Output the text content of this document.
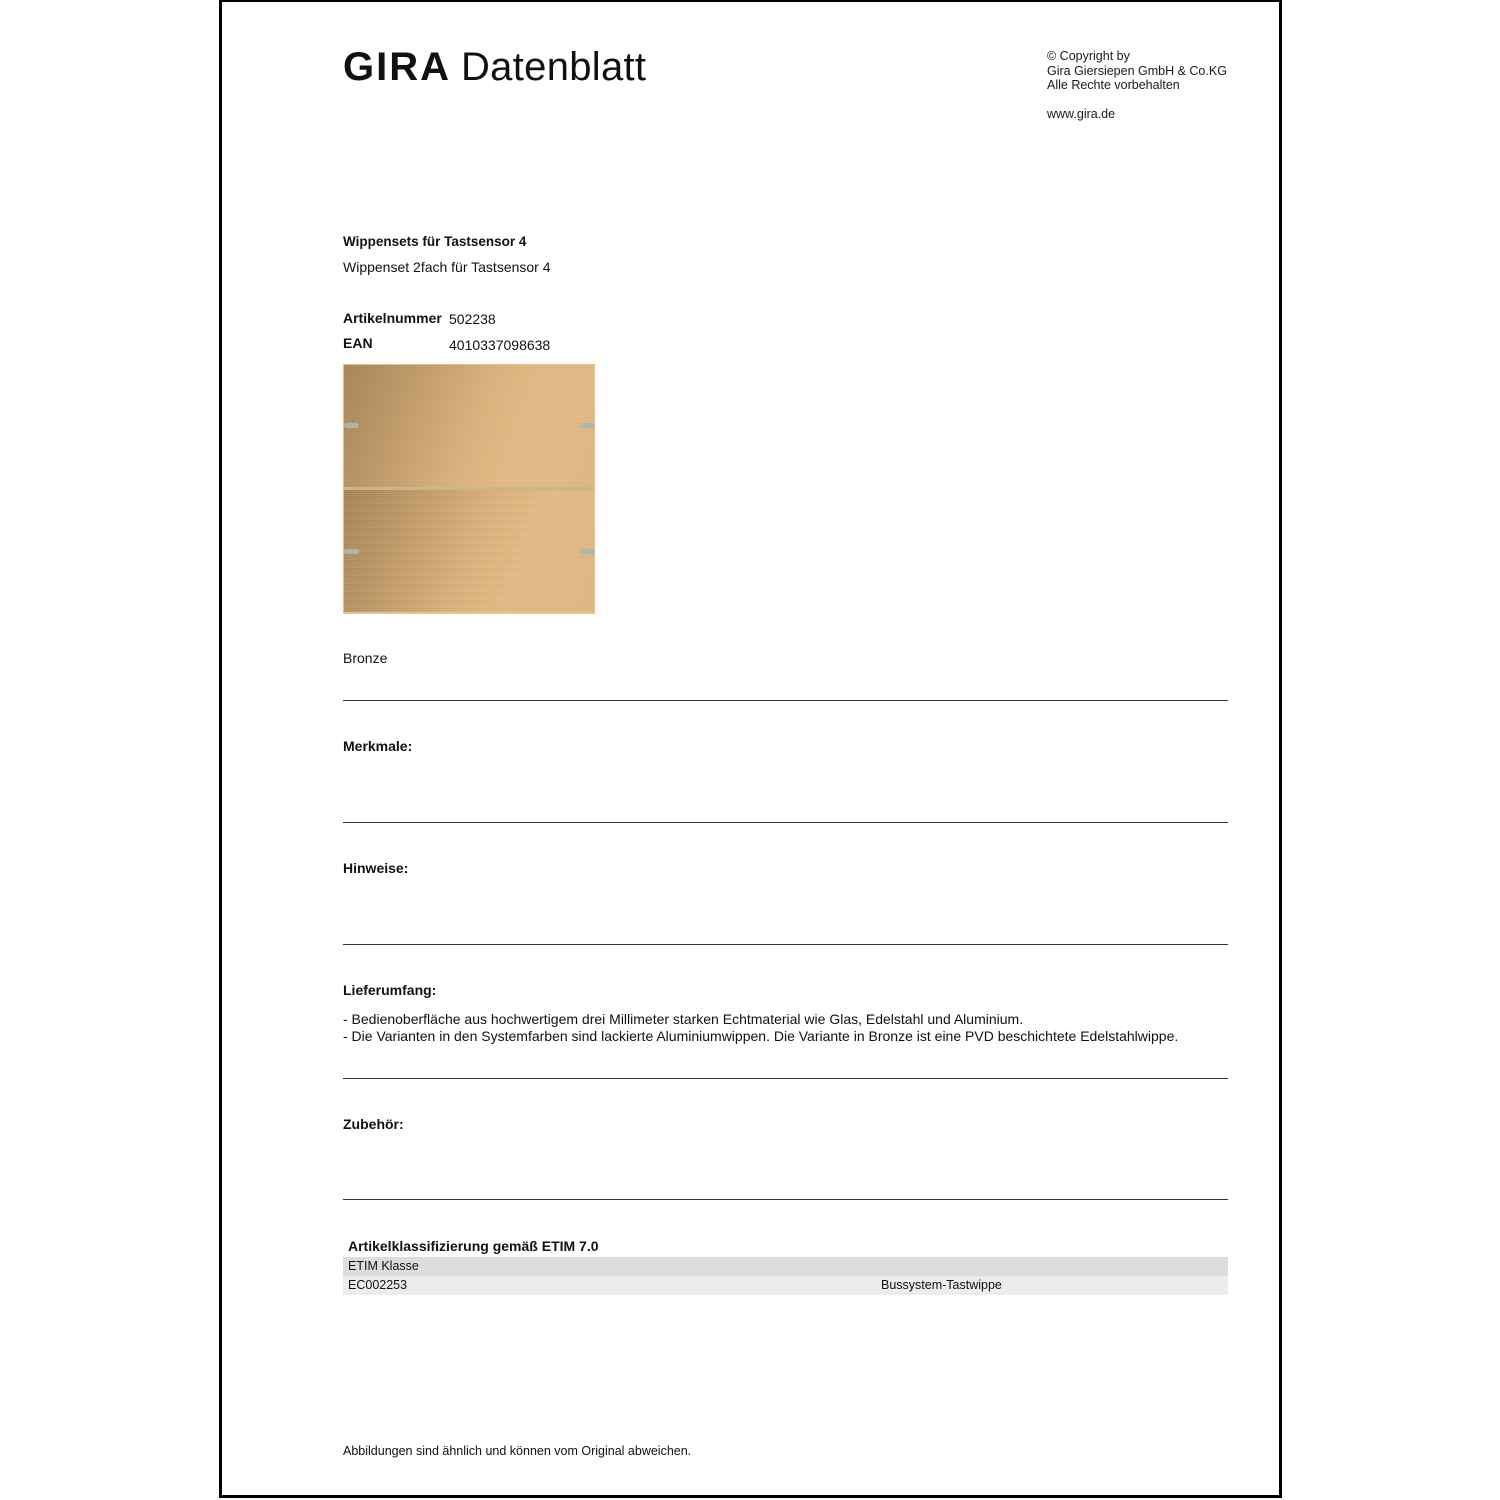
GIRA Datenblatt	© Copyright by
Gira Giersiepen GmbH & Co.KG
Alle Rechte vorbehalten
www.gira.de
Wippensets für Tastsensor 4
Wippenset 2fach für Tastsensor 4
Artikelnummer 502238
EAN	4010337098638
Bronze
Merkmale:
Hinweise:
Lieferumfang:
- Bedienoberfläche aus hochwertigem drei Millimeter starken Echtmaterial wie Glas, Edelstahl und Aluminium.
- Die Varianten in den Systemfarben sind lackierte Aluminiumwippen. Die Variante in Bronze ist eine PVD beschichtete Edelstahlwippe.
Zubehör:
Artikelklassifizierung gemäß ETIM 7.0
ETIM Klasse
EC002253	Bussystem-Tastwippe
Abbildungen sind ähnlich und können vom Original abweichen.
